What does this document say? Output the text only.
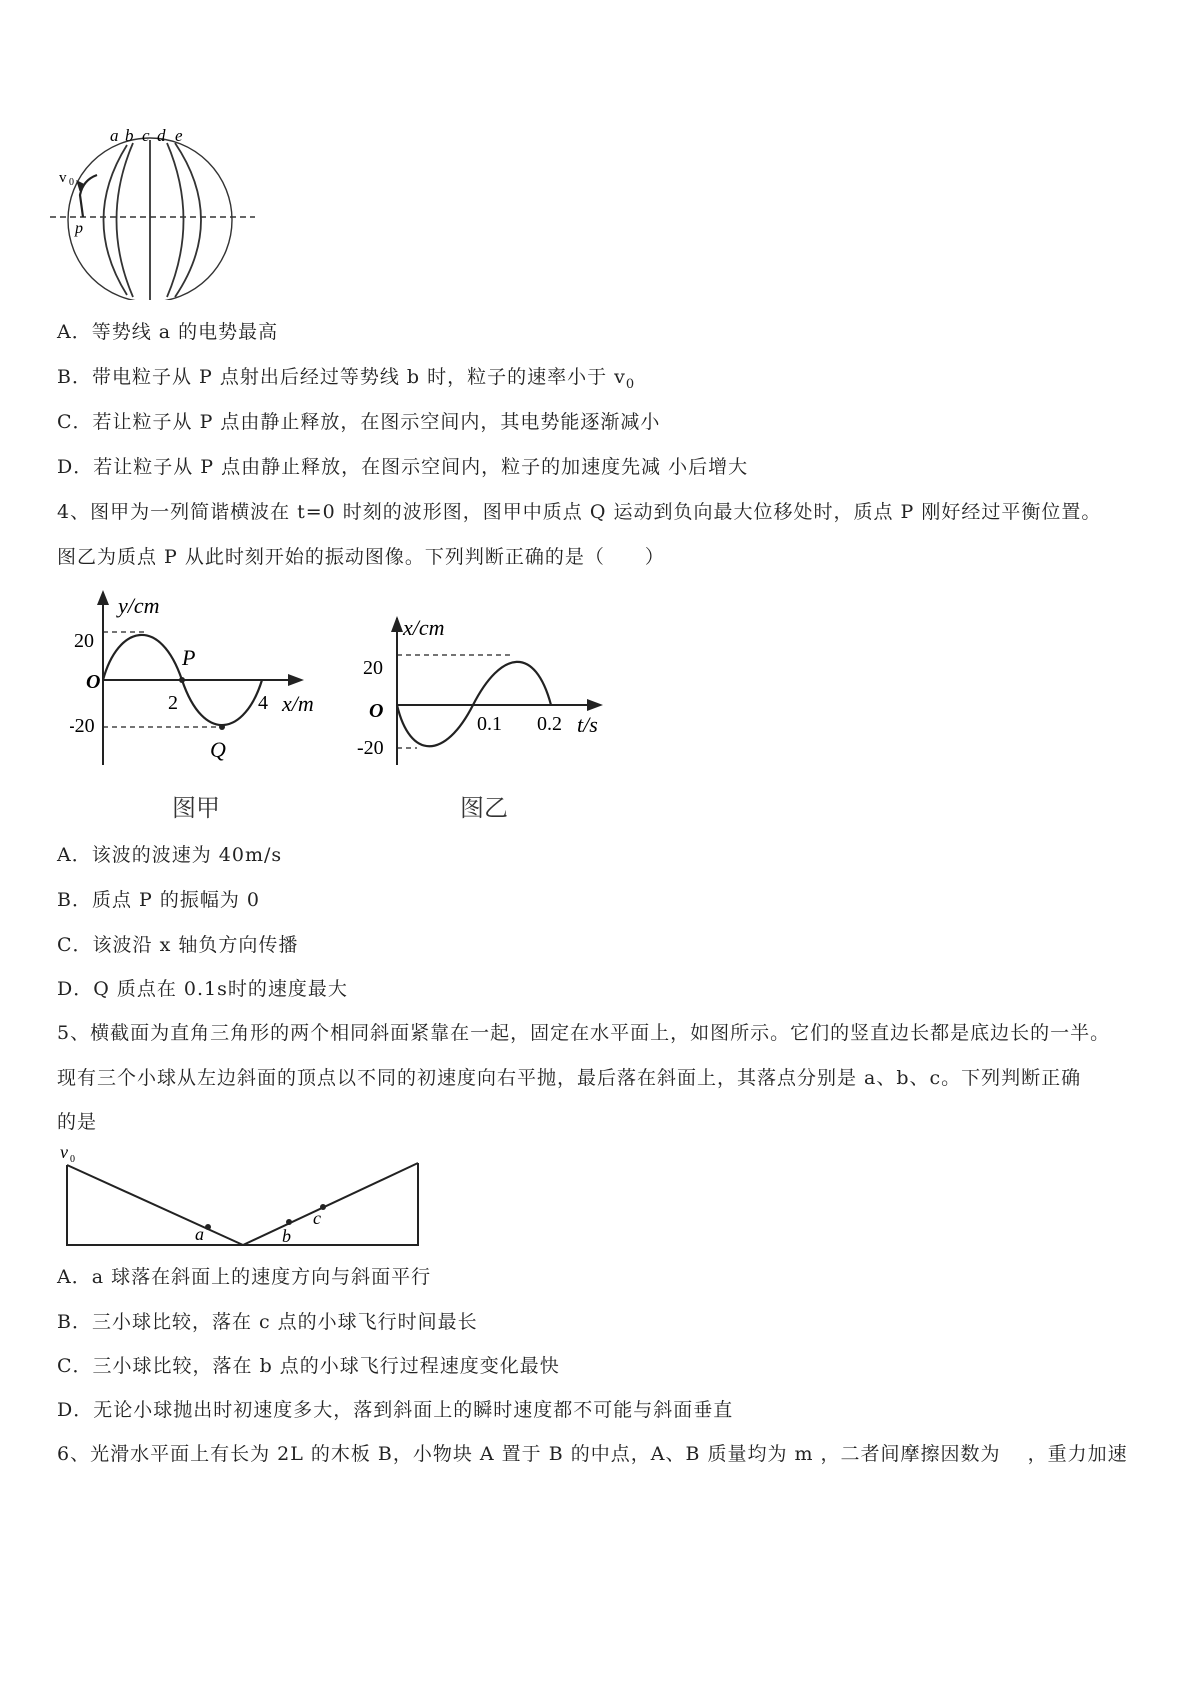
a b c d e
v 0
p
A．等势线 a 的电势最高
B．带电粒子从 P 点射出后经过等势线 b 时，粒子的速率小于 $v_0$
C．若让粒子从 P 点由静止释放，在图示空间内，其电势能逐渐减小
D．若让粒子从 P 点由静止释放，在图示空间内，粒子的加速度先减 小后增大
4、图甲为一列简谐横波在 t=0 时刻的波形图，图甲中质点 Q 运动到负向最大位移处时，质点 P 刚好经过平衡位置。
图乙为质点 P 从此时刻开始的振动图像。下列判断正确的是（　　）
y/cm
20
O
-20
P
2	4 x/m
Q
图甲
x/cm
20
O
-20
0.1 0.2 t/s
图乙
A．该波的波速为 40m/s
B．质点 P 的振幅为 0
C．该波沿 x 轴负方向传播
D．Q 质点在 0.1s时的速度最大
5、横截面为直角三角形的两个相同斜面紧靠在一起，固定在水平面上，如图所示。它们的竖直边长都是底边长的一半。
现有三个小球从左边斜面的顶点以不同的初速度向右平抛，最后落在斜面上，其落点分别是 a、b、c。下列判断正确
的是
v 0
a	b
c
A．a 球落在斜面上的速度方向与斜面平行
B．三小球比较，落在 c 点的小球飞行时间最长
C．三小球比较，落在 b 点的小球飞行过程速度变化最快
D．无论小球抛出时初速度多大，落到斜面上的瞬时速度都不可能与斜面垂直
6、光滑水平面上有长为 2L 的木板 B，小物块 A 置于 B 的中点，A、B 质量均为 m ，二者间摩擦因数为　 ，重力加速
